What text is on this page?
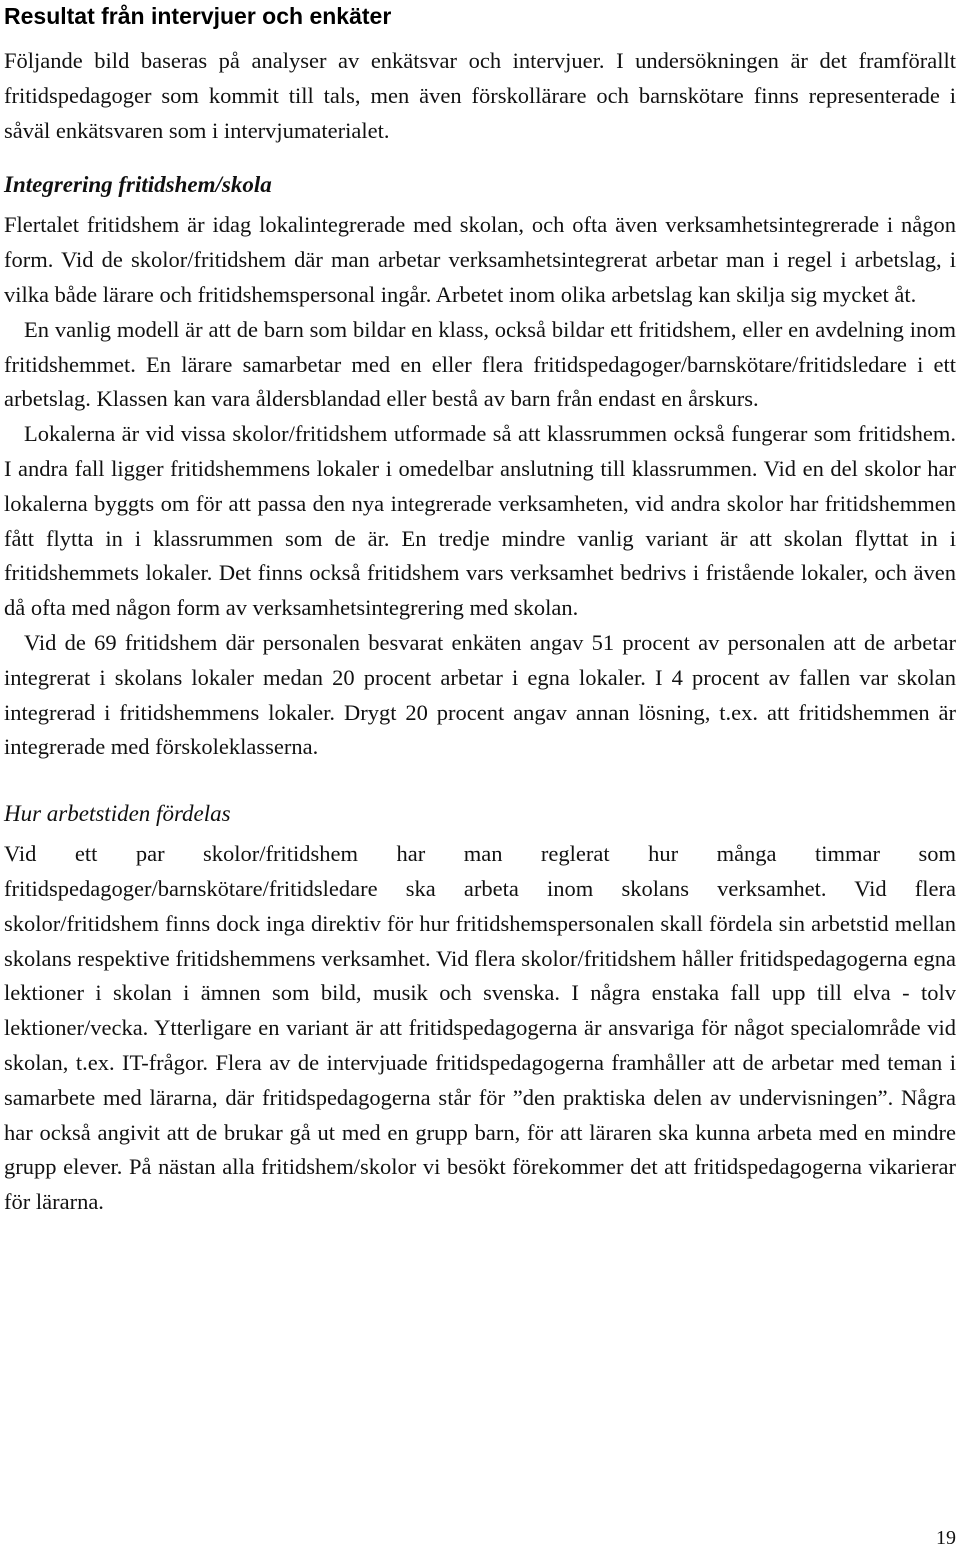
Resultat från intervjuer och enkäter

Följande bild baseras på analyser av enkätsvar och intervjuer. I undersökningen är det framförallt fritidspedagoger som kommit till tals, men även förskollärare och barnskötare finns representerade i såväl enkätsvaren som i intervjumaterialet.

Integrering fritidshem/skola

Flertalet fritidshem är idag lokalintegrerade med skolan, och ofta även verksamhetsintegrerade i någon form. Vid de skolor/fritidshem där man arbetar verksamhetsintegrerat arbetar man i regel i arbetslag, i vilka både lärare och fritidshemspersonal ingår. Arbetet inom olika arbetslag kan skilja sig mycket åt.

En vanlig modell är att de barn som bildar en klass, också bildar ett fritidshem, eller en avdelning inom fritidshemmet. En lärare samarbetar med en eller flera fritidspedagoger/barnskötare/fritidsledare i ett arbetslag. Klassen kan vara åldersblandad eller bestå av barn från endast en årskurs.

Lokalerna är vid vissa skolor/fritidshem utformade så att klassrummen också fungerar som fritidshem. I andra fall ligger fritidshemmens lokaler i omedelbar anslutning till klassrummen. Vid en del skolor har lokalerna byggts om för att passa den nya integrerade verksamheten, vid andra skolor har fritidshemmen fått flytta in i klassrummen som de är. En tredje mindre vanlig variant är att skolan flyttat in i fritidshemmets lokaler. Det finns också fritidshem vars verksamhet bedrivs i fristående lokaler, och även då ofta med någon form av verksamhetsintegrering med skolan.

Vid de 69 fritidshem där personalen besvarat enkäten angav 51 procent av personalen att de arbetar integrerat i skolans lokaler medan 20 procent arbetar i egna lokaler. I 4 procent av fallen var skolan integrerad i fritidshemmens lokaler. Drygt 20 procent angav annan lösning, t.ex. att fritidshemmen är integrerade med förskoleklasserna.

Hur arbetstiden fördelas

Vid ett par skolor/fritidshem har man reglerat hur många timmar som fritidspedagoger/barnskötare/fritidsledare ska arbeta inom skolans verksamhet. Vid flera skolor/fritidshem finns dock inga direktiv för hur fritidshemspersonalen skall fördela sin arbetstid mellan skolans respektive fritidshemmens verksamhet. Vid flera skolor/fritidshem håller fritidspedagogerna egna lektioner i skolan i ämnen som bild, musik och svenska. I några enstaka fall upp till elva - tolv lektioner/vecka. Ytterligare en variant är att fritidspedagogerna är ansvariga för något specialområde vid skolan, t.ex. IT-frågor. Flera av de intervjuade fritidspedagogerna framhåller att de arbetar med teman i samarbete med lärarna, där fritidspedagogerna står för ”den praktiska delen av undervisningen”. Några har också angivit att de brukar gå ut med en grupp barn, för att läraren ska kunna arbeta med en mindre grupp elever. På nästan alla fritidshem/skolor vi besökt förekommer det att fritidspedagogerna vikarierar för lärarna.

19
